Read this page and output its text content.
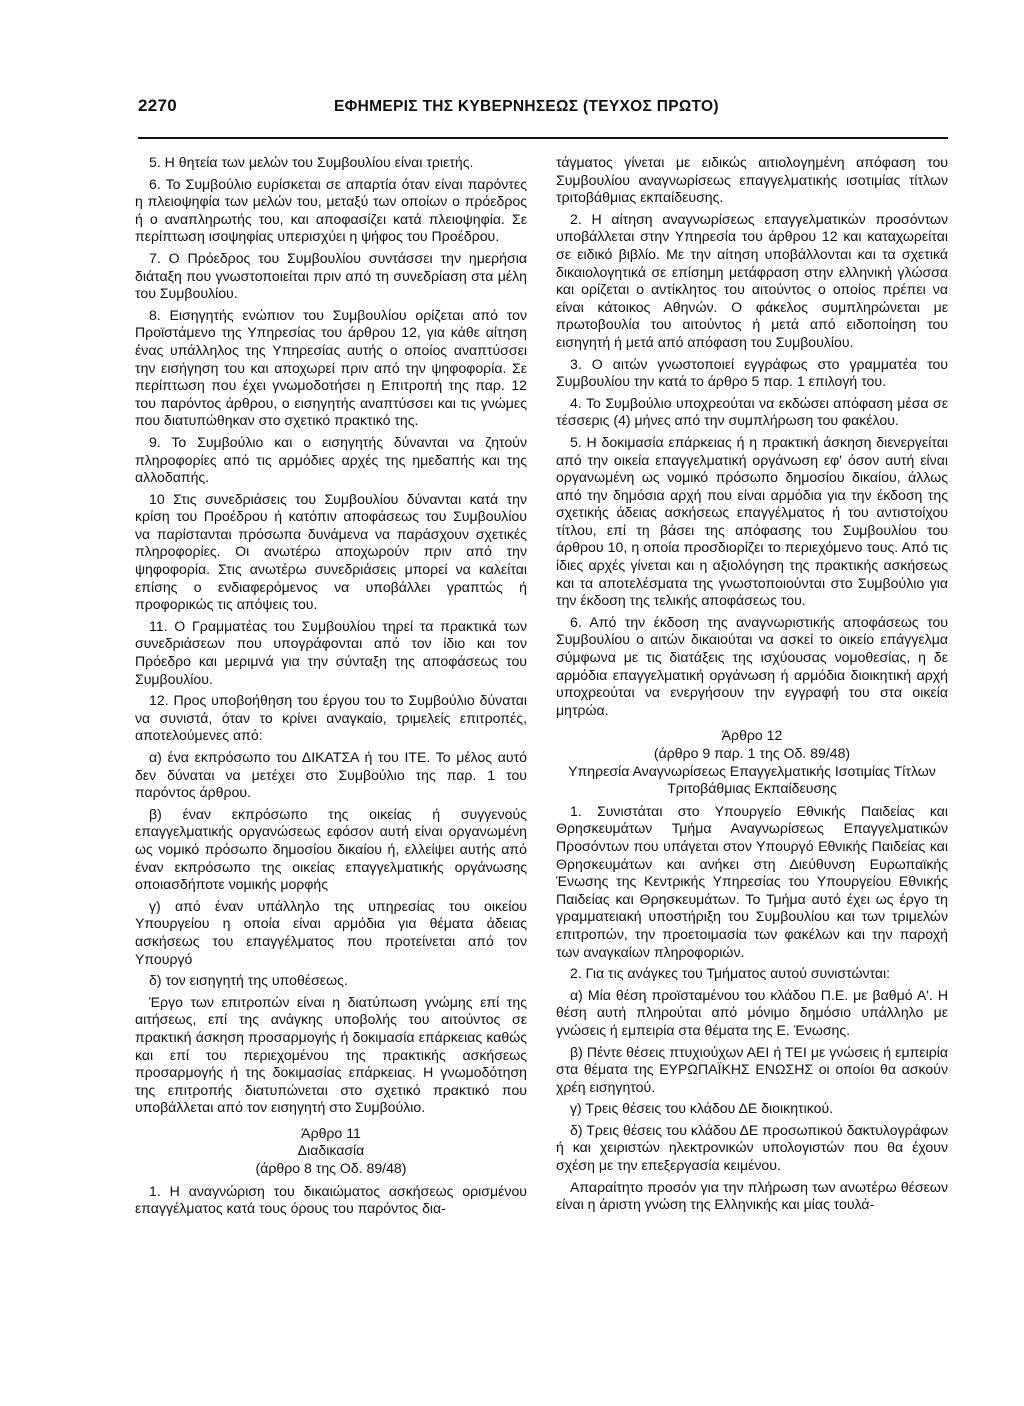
2270	ΕΦΗΜΕΡΙΣ ΤΗΣ ΚΥΒΕΡΝΗΣΕΩΣ (ΤΕΥΧΟΣ ΠΡΩΤΟ)

5. Η θητεία των μελών του Συμβουλίου είναι τριετής.

6. Το Συμβούλιο ευρίσκεται σε απαρτία όταν είναι παρόντες η πλειοψηφία των μελών του, μεταξύ των οποίων ο πρόεδρος ή ο αναπληρωτής του, και αποφασίζει κατά πλειοψηφία. Σε περίπτωση ισοψηφίας υπερισχύει η ψήφος του Προέδρου.

7. Ο Πρόεδρος του Συμβουλίου συντάσσει την ημερήσια διάταξη που γνωστοποιείται πριν από τη συνεδρίαση στα μέλη του Συμβουλίου.

8. Εισηγητής ενώπιον του Συμβουλίου ορίζεται από τον Προϊστάμενο της Υπηρεσίας του άρθρου 12, για κάθε αίτηση ένας υπάλληλος της Υπηρεσίας αυτής ο οποίος αναπτύσσει την εισήγηση του και αποχωρεί πριν από την ψηφοφορία. Σε περίπτωση που έχει γνωμοδοτήσει η Επιτροπή της παρ. 12 του παρόντος άρθρου, ο εισηγητής αναπτύσσει και τις γνώμες που διατυπώθηκαν στο σχετικό πρακτικό της.

9. Το Συμβούλιο και ο εισηγητής δύνανται να ζητούν πληροφορίες από τις αρμόδιες αρχές της ημεδαπής και της αλλοδαπής.

10 Στις συνεδριάσεις του Συμβουλίου δύνανται κατά την κρίση του Προέδρου ή κατόπιν αποφάσεως του Συμβουλίου να παρίστανται πρόσωπα δυνάμενα να παράσχουν σχετικές πληροφορίες. Οι ανωτέρω αποχωρούν πριν από την ψηφοφορία. Στις ανωτέρω συνεδριάσεις μπορεί να καλείται επίσης ο ενδιαφερόμενος να υποβάλλει γραπτώς ή προφορικώς τις απόψεις του.

11. Ο Γραμματέας του Συμβουλίου τηρεί τα πρακτικά των συνεδριάσεων που υπογράφονται από τον ίδιο και τον Πρόεδρο και μεριμνά για την σύνταξη της αποφάσεως του Συμβουλίου.

12. Προς υποβοήθηση του έργου του το Συμβούλιο δύναται να συνιστά, όταν το κρίνει αναγκαίο, τριμελείς επιτροπές, αποτελούμενες από:

α) ένα εκπρόσωπο του ΔΙΚΑΤΣΑ ή του ΙΤΕ. Το μέλος αυτό δεν δύναται να μετέχει στο Συμβούλιο της παρ. 1 του παρόντος άρθρου.

β) έναν εκπρόσωπο της οικείας ή συγγενούς επαγγελματικής οργανώσεως εφόσον αυτή είναι οργανωμένη ως νομικό πρόσωπο δημοσίου δικαίου ή, ελλείψει αυτής από έναν εκπρόσωπο της οικείας επαγγελματικής οργάνωσης οποιασδήποτε νομικής μορφής

γ) από έναν υπάλληλο της υπηρεσίας του οικείου Υπουργείου η οποία είναι αρμόδια για θέματα άδειας ασκήσεως του επαγγέλματος που προτείνεται από τον Υπουργό

δ) τον εισηγητή της υποθέσεως.

Έργο των επιτροπών είναι η διατύπωση γνώμης επί της αιτήσεως, επί της ανάγκης υποβολής του αιτούντος σε πρακτική άσκηση προσαρμογής ή δοκιμασία επάρκειας καθώς και επί του περιεχομένου της πρακτικής ασκήσεως προσαρμογής ή της δοκιμασίας επάρκειας. Η γνωμοδότηση της επιτροπής διατυπώνεται στο σχετικό πρακτικό που υποβάλλεται από τον εισηγητή στο Συμβούλιο.

Άρθρο 11
Διαδικασία
(άρθρο 8 της Οδ. 89/48)

1. Η αναγνώριση του δικαιώματος ασκήσεως ορισμένου επαγγέλματος κατά τους όρους του παρόντος δια-

τάγματος γίνεται με ειδικώς αιτιολογημένη απόφαση του Συμβουλίου αναγνωρίσεως επαγγελματικής ισοτιμίας τίτλων τριτοβάθμιας εκπαίδευσης.

2. Η αίτηση αναγνωρίσεως επαγγελματικών προσόντων υποβάλλεται στην Υπηρεσία του άρθρου 12 και καταχωρείται σε ειδικό βιβλίο. Με την αίτηση υποβάλλονται και τα σχετικά δικαιολογητικά σε επίσημη μετάφραση στην ελληνική γλώσσα και ορίζεται ο αντίκλητος του αιτούντος ο οποίος πρέπει να είναι κάτοικος Αθηνών. Ο φάκελος συμπληρώνεται με πρωτοβουλία του αιτούντος ή μετά από ειδοποίηση του εισηγητή ή μετά από απόφαση του Συμβουλίου.

3. Ο αιτών γνωστοποιεί εγγράφως στο γραμματέα του Συμβουλίου την κατά το άρθρο 5 παρ. 1 επιλογή του.

4. Το Συμβούλιο υποχρεούται να εκδώσει απόφαση μέσα σε τέσσερις (4) μήνες από την συμπλήρωση του φακέλου.

5. Η δοκιμασία επάρκειας ή η πρακτική άσκηση διενεργείται από την οικεία επαγγελματική οργάνωση εφ' όσον αυτή είναι οργανωμένη ως νομικό πρόσωπο δημοσίου δικαίου, άλλως από την δημόσια αρχή που είναι αρμόδια για την έκδοση της σχετικής άδειας ασκήσεως επαγγέλματος ή του αντιστοίχου τίτλου, επί τη βάσει της απόφασης του Συμβουλίου του άρθρου 10, η οποία προσδιορίζει το περιεχόμενο τους. Από τις ίδιες αρχές γίνεται και η αξιολόγηση της πρακτικής ασκήσεως και τα αποτελέσματα της γνωστοποιούνται στο Συμβούλιο για την έκδοση της τελικής αποφάσεως του.

6. Από την έκδοση της αναγνωριστικής αποφάσεως του Συμβουλίου ο αιτών δικαιούται να ασκεί το οικείο επάγγελμα σύμφωνα με τις διατάξεις της ισχύουσας νομοθεσίας, η δε αρμόδια επαγγελματική οργάνωση ή αρμόδια διοικητική αρχή υποχρεούται να ενεργήσουν την εγγραφή του στα οικεία μητρώα.

Άρθρο 12
(άρθρο 9 παρ. 1 της Οδ. 89/48)
Υπηρεσία Αναγνωρίσεως Επαγγελματικής Ισοτιμίας Τίτλων Τριτοβάθμιας Εκπαίδευσης

1. Συνιστάται στο Υπουργείο Εθνικής Παιδείας και Θρησκευμάτων Τμήμα Αναγνωρίσεως Επαγγελματικών Προσόντων που υπάγεται στον Υπουργό Εθνικής Παιδείας και Θρησκευμάτων και ανήκει στη Διεύθυνση Ευρωπαϊκής Ένωσης της Κεντρικής Υπηρεσίας του Υπουργείου Εθνικής Παιδείας και Θρησκευμάτων. Το Τμήμα αυτό έχει ως έργο τη γραμματειακή υποστήριξη του Συμβουλίου και των τριμελών επιτροπών, την προετοιμασία των φακέλων και την παροχή των αναγκαίων πληροφοριών.

2. Για τις ανάγκες του Τμήματος αυτού συνιστώνται:

α) Μία θέση προϊσταμένου του κλάδου Π.Ε. με βαθμό Α'. Η θέση αυτή πληρούται από μόνιμο δημόσιο υπάλληλο με γνώσεις ή εμπειρία στα θέματα της Ε. Ένωσης.

β) Πέντε θέσεις πτυχιούχων ΑΕΙ ή ΤΕΙ με γνώσεις ή εμπειρία στα θέματα της ΕΥΡΩΠΑΪΚΗΣ ΕΝΩΣΗΣ οι οποίοι θα ασκούν χρέη εισηγητού.

γ) Τρεις θέσεις του κλάδου ΔΕ διοικητικού.

δ) Τρεις θέσεις του κλάδου ΔΕ προσωπικού δακτυλογράφων ή και χειριστών ηλεκτρονικών υπολογιστών που θα έχουν σχέση με την επεξεργασία κειμένου.

Απαραίτητο προσόν για την πλήρωση των ανωτέρω θέσεων είναι η άριστη γνώση της Ελληνικής και μίας τουλά-
